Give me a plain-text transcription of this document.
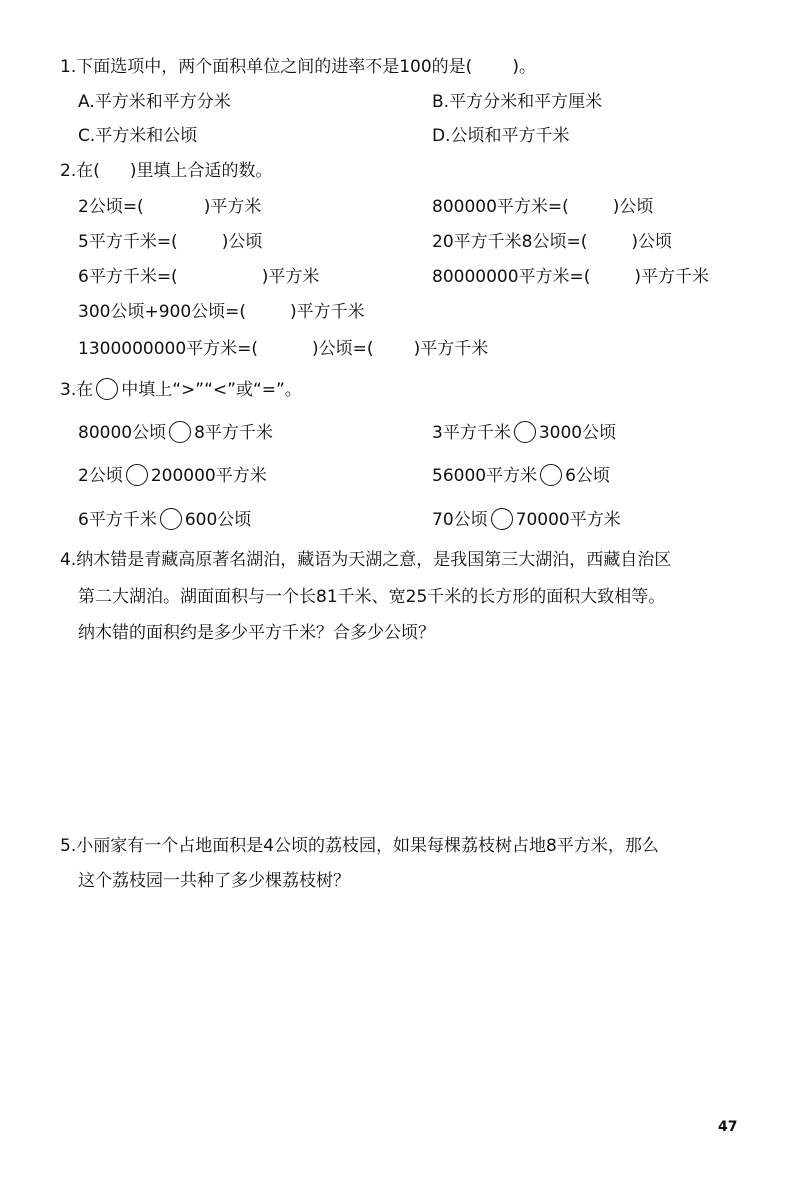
1.下面选项中，两个面积单位之间的进率不是100的是( )。
A.平方米和平方分米	B.平方分米和平方厘米
C.平方米和公顷	D.公顷和平方千米
2.在( )里填上合适的数。
2公顷=(	)平方米	800000平方米=(	)公顷
5平方千米=(	)公顷	20平方千米8公顷=(	)公顷
6平方千米=(	)平方米	80000000平方米=(	)平方千米
300公顷+900公顷=(	)平方千米
1300000000平方米=(	)公顷=( )平方千米
3.在 中填上“>”“<”或“=”。
80000公顷 8平方千米	3平方千米 3000公顷
2公顷 200000平方米	56000平方米 6公顷
6平方千米 600公顷	70公顷 70000平方米
4.纳木错是青藏高原著名湖泊，藏语为天湖之意，是我国第三大湖泊，西藏自治区
第二大湖泊。湖面面积与一个长81千米、宽25千米的长方形的面积大致相等。
纳木错的面积约是多少平方千米？合多少公顷？
5.小丽家有一个占地面积是4公顷的荔枝园，如果每棵荔枝树占地8平方米，那么
这个荔枝园一共种了多少棵荔枝树？
47
